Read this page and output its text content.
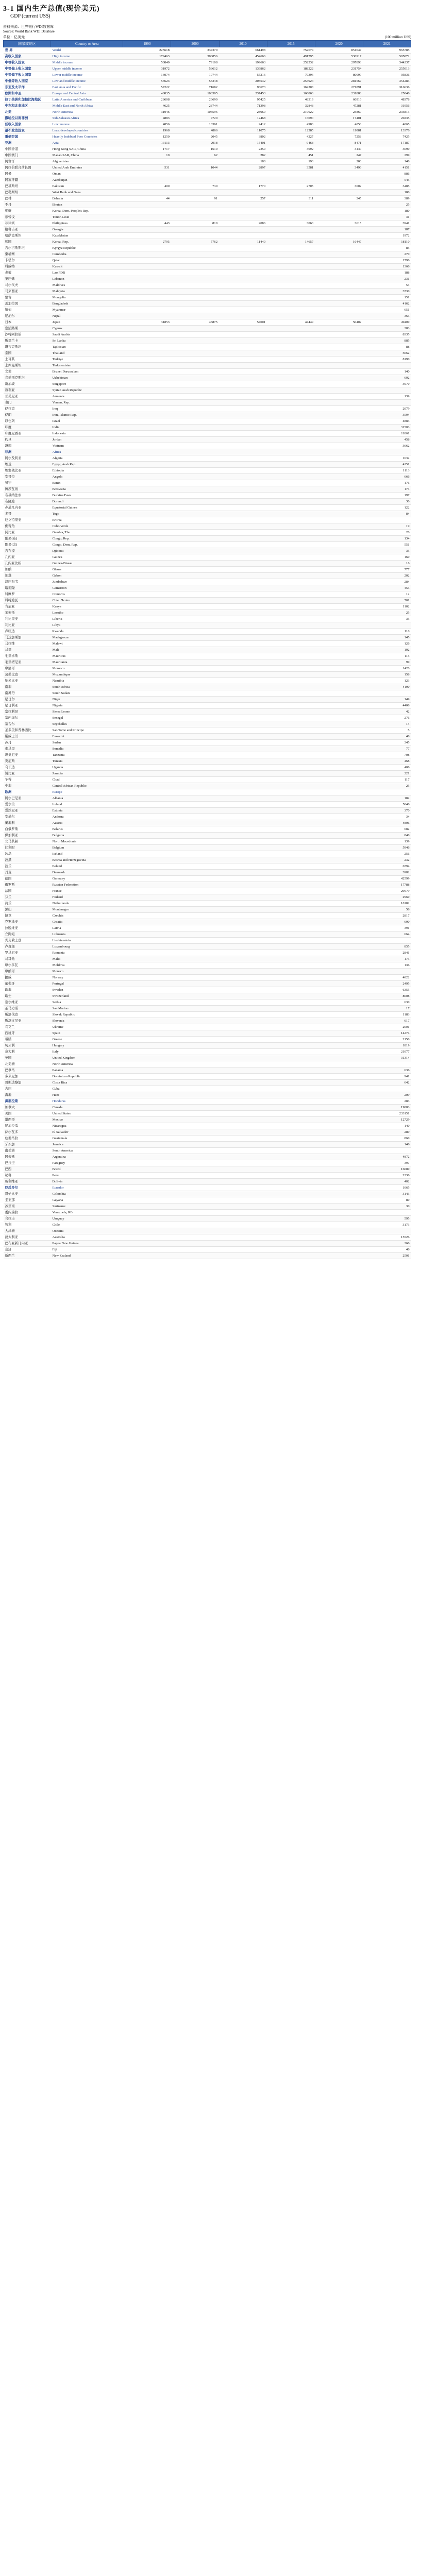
3-1 国内生产总值(现价美元)
GDP (current US$)
资料来源：世界银行WDI数据库
Source: World Bank WDI Database
单位：亿美元	(100 million US$)
国家或地区	Country or Area	1990	2000	2010	2015	2020	2021
世 界	World	225618	337370	661498	752674	851047	965785
高收入国家	High income	179463	300856	454666	491795	530917	595872
中等收入国家	Middle income	50840	79108	199663	252232	297893	344237
中等偏上收入国家	Upper middle income	31972	53612	139862	188222	231754	255013
中等偏下收入国家	Lower middle income	16074	19744	55216	70396	80099	95836
中低等收入国家	Low and middle income	53623	55348	205532	254924	281567	354283
东亚及太平洋	East Asia and Pacific	57222	71682	96673	162208	271891	316636
欧洲和中亚	Europe and Central Asia	48835	108305	237453	166866	231888	25046
拉丁美洲和加勒比海地区	Latin America and Caribbean	28608	26690	95425	48319	66916	48378
中东和北非地区	Middle East and North Africa	4625	28744	71398	32848	47281	31956
北美	North America	31046	103596	28069	219022	23860	235813
撒哈拉以南非洲	Sub-Saharan Africa	4883	4720	12468	16090	17401	20235
低收入国家	Low income	4856	10361	2412	4986	4850	4865
最不发达国家	Least developed countries	1968	4866	11075	12285	11081	13376
重债穷国	Heavily Indebted Poor Countries	1250	2045	3802	4227	7258	7425
亚洲	Asia	13113	2918	15401	9468	8471	17187
中国香港	Hong Kong SAR, China	1717	1610	2359	3092	3440	3690
中国澳门	Macao SAR, China	10	62	282	451	247	299
阿富汗	Afghanistan			180	190	200	148
阿拉伯联合酋长国	United Arab Emirates	531	1044	2897	3581	3496	4151
阿曼	Oman						886
阿塞拜疆	Azerbaijan						545
巴基斯坦	Pakistan	400	730	1770	2705	3002	3485
巴勒斯坦	West Bank and Gaza						180
巴林	Bahrain	44	91	257	311	345	389
不丹	Bhutan						25
朝鲜	Korea, Dem. People's Rep.						180
东帝汶	Timor-Leste						31
菲律宾	Philippines	443	810	2086	3063	3615	3941
格鲁吉亚	Georgia						187
哈萨克斯坦	Kazakhstan						1972
韩国	Korea, Rep.	2795	5762	11440	14657	16447	18110
吉尔吉斯斯坦	Kyrgyz Republic						85
柬埔寨	Cambodia						270
卡塔尔	Qatar						1796
科威特	Kuwait						1366
老挝	Lao PDR						188
黎巴嫩	Lebanon						231
马尔代夫	Maldives						54
马来西亚	Malaysia						3730
蒙古	Mongolia						151
孟加拉国	Bangladesh						4162
缅甸	Myanmar						651
尼泊尔	Nepal						363
日本	Japan	31853	48875	57001	44449	50402	49409
塞浦路斯	Cyprus						283
沙特阿拉伯	Saudi Arabia						8335
斯里兰卡	Sri Lanka						885
塔吉克斯坦	Tajikistan						88
泰国	Thailand						5062
土耳其	Turkiye						8190
土库曼斯坦	Turkmenistan						
文莱	Brunei Darussalam						140
乌兹别克斯坦	Uzbekistan						692
新加坡	Singapore						3970
叙利亚	Syrian Arab Republic						
亚美尼亚	Armenia						139
也门	Yemen, Rep.						
伊拉克	Iraq						2079
伊朗	Iran, Islamic Rep.						3594
以色列	Israel						4883
印度	India						31503
印度尼西亚	Indonesia						11861
约旦	Jordan						458
越南	Vietnam						3662
非洲	Africa						
阿尔及利亚	Algeria						1632
埃及	Egypt, Arab Rep.						4251
埃塞俄比亚	Ethiopia						1113
安哥拉	Angola						666
贝宁	Benin						176
博茨瓦纳	Botswana						174
布基纳法索	Burkina Faso						197
布隆迪	Burundi						30
赤道几内亚	Equatorial Guinea						122
多哥	Togo						84
厄立特里亚	Eritrea						
佛得角	Cabo Verde						19
冈比亚	Gambia, The						20
刚果(布)	Congo, Rep.						134
刚果(金)	Congo, Dem. Rep.						551
吉布提	Djibouti						35
几内亚	Guinea						160
几内亚比绍	Guinea-Bissau						16
加纳	Ghana						777
加蓬	Gabon						202
津巴布韦	Zimbabwe						284
喀麦隆	Cameroon						453
科摩罗	Comoros						12
科特迪瓦	Cote d'Ivoire						701
肯尼亚	Kenya						1102
莱索托	Lesotho						25
利比里亚	Liberia						35
利比亚	Libya						
卢旺达	Rwanda						110
马达加斯加	Madagascar						145
马拉维	Malawi						126
马里	Mali						192
毛里求斯	Mauritius						115
毛里塔尼亚	Mauritania						99
摩洛哥	Morocco						1420
莫桑比克	Mozambique						158
纳米比亚	Namibia						123
南非	South Africa						4190
南苏丹	South Sudan						
尼日尔	Niger						149
尼日利亚	Nigeria						4408
塞拉利昂	Sierra Leone						42
塞内加尔	Senegal						276
塞舌尔	Seychelles						14
圣多美和普林西比	Sao Tome and Principe						5
斯威士兰	Eswatini						48
苏丹	Sudan						345
索马里	Somalia						77
坦桑尼亚	Tanzania						708
突尼斯	Tunisia						468
乌干达	Uganda						406
赞比亚	Zambia						221
乍得	Chad						117
中非	Central African Republic						25
欧洲	Europe						
阿尔巴尼亚	Albania						182
爱尔兰	Ireland						5046
爱沙尼亚	Estonia						370
安道尔	Andorra						34
奥地利	Austria						4806
白俄罗斯	Belarus						682
保加利亚	Bulgaria						840
北马其顿	North Macedonia						139
比利时	Belgium						5946
冰岛	Iceland						256
波黑	Bosnia and Herzegovina						232
波兰	Poland						6794
丹麦	Denmark						3982
德国	Germany						42599
俄罗斯	Russian Federation						17788
法国	France						29579
芬兰	Finland						2969
荷兰	Netherlands						10182
黑山	Montenegro						58
捷克	Czechia						2817
克罗地亚	Croatia						690
拉脱维亚	Latvia						391
立陶宛	Lithuania						664
列支敦士登	Liechtenstein						
卢森堡	Luxembourg						855
罗马尼亚	Romania						2841
马耳他	Malta						173
摩尔多瓦	Moldova						136
摩纳哥	Monaco						
挪威	Norway						4822
葡萄牙	Portugal						2495
瑞典	Sweden						6355
瑞士	Switzerland						8008
塞尔维亚	Serbia						630
圣马力诺	San Marino						17
斯洛伐克	Slovak Republic						1183
斯洛文尼亚	Slovenia						617
乌克兰	Ukraine						2001
西班牙	Spain						14274
希腊	Greece						2150
匈牙利	Hungary						1819
意大利	Italy						21077
英国	United Kingdom						31314
北美洲	North America						
巴拿马	Panama						636
多米尼加	Dominican Republic						941
哥斯达黎加	Costa Rica						642
古巴	Cuba						
海地	Haiti						209
洪都拉斯	Honduras						283
加拿大	Canada						19883
美国	United States						233151
墨西哥	Mexico						12729
尼加拉瓜	Nicaragua						140
萨尔瓦多	El Salvador						289
危地马拉	Guatemala						860
牙买加	Jamaica						146
南美洲	South America						
阿根廷	Argentina						4872
巴拉圭	Paraguay						397
巴西	Brazil						16089
秘鲁	Peru						2236
玻利维亚	Bolivia						402
厄瓜多尔	Ecuador						1065
哥伦比亚	Colombia						3143
圭亚那	Guyana						80
苏里南	Suriname						30
委内瑞拉	Venezuela, RB						
乌拉圭	Uruguay						595
智利	Chile						3173
大洋洲	Oceania						
澳大利亚	Australia						15526
巴布亚新几内亚	Papua New Guinea						266
斐济	Fiji						46
新西兰	New Zealand						2501
